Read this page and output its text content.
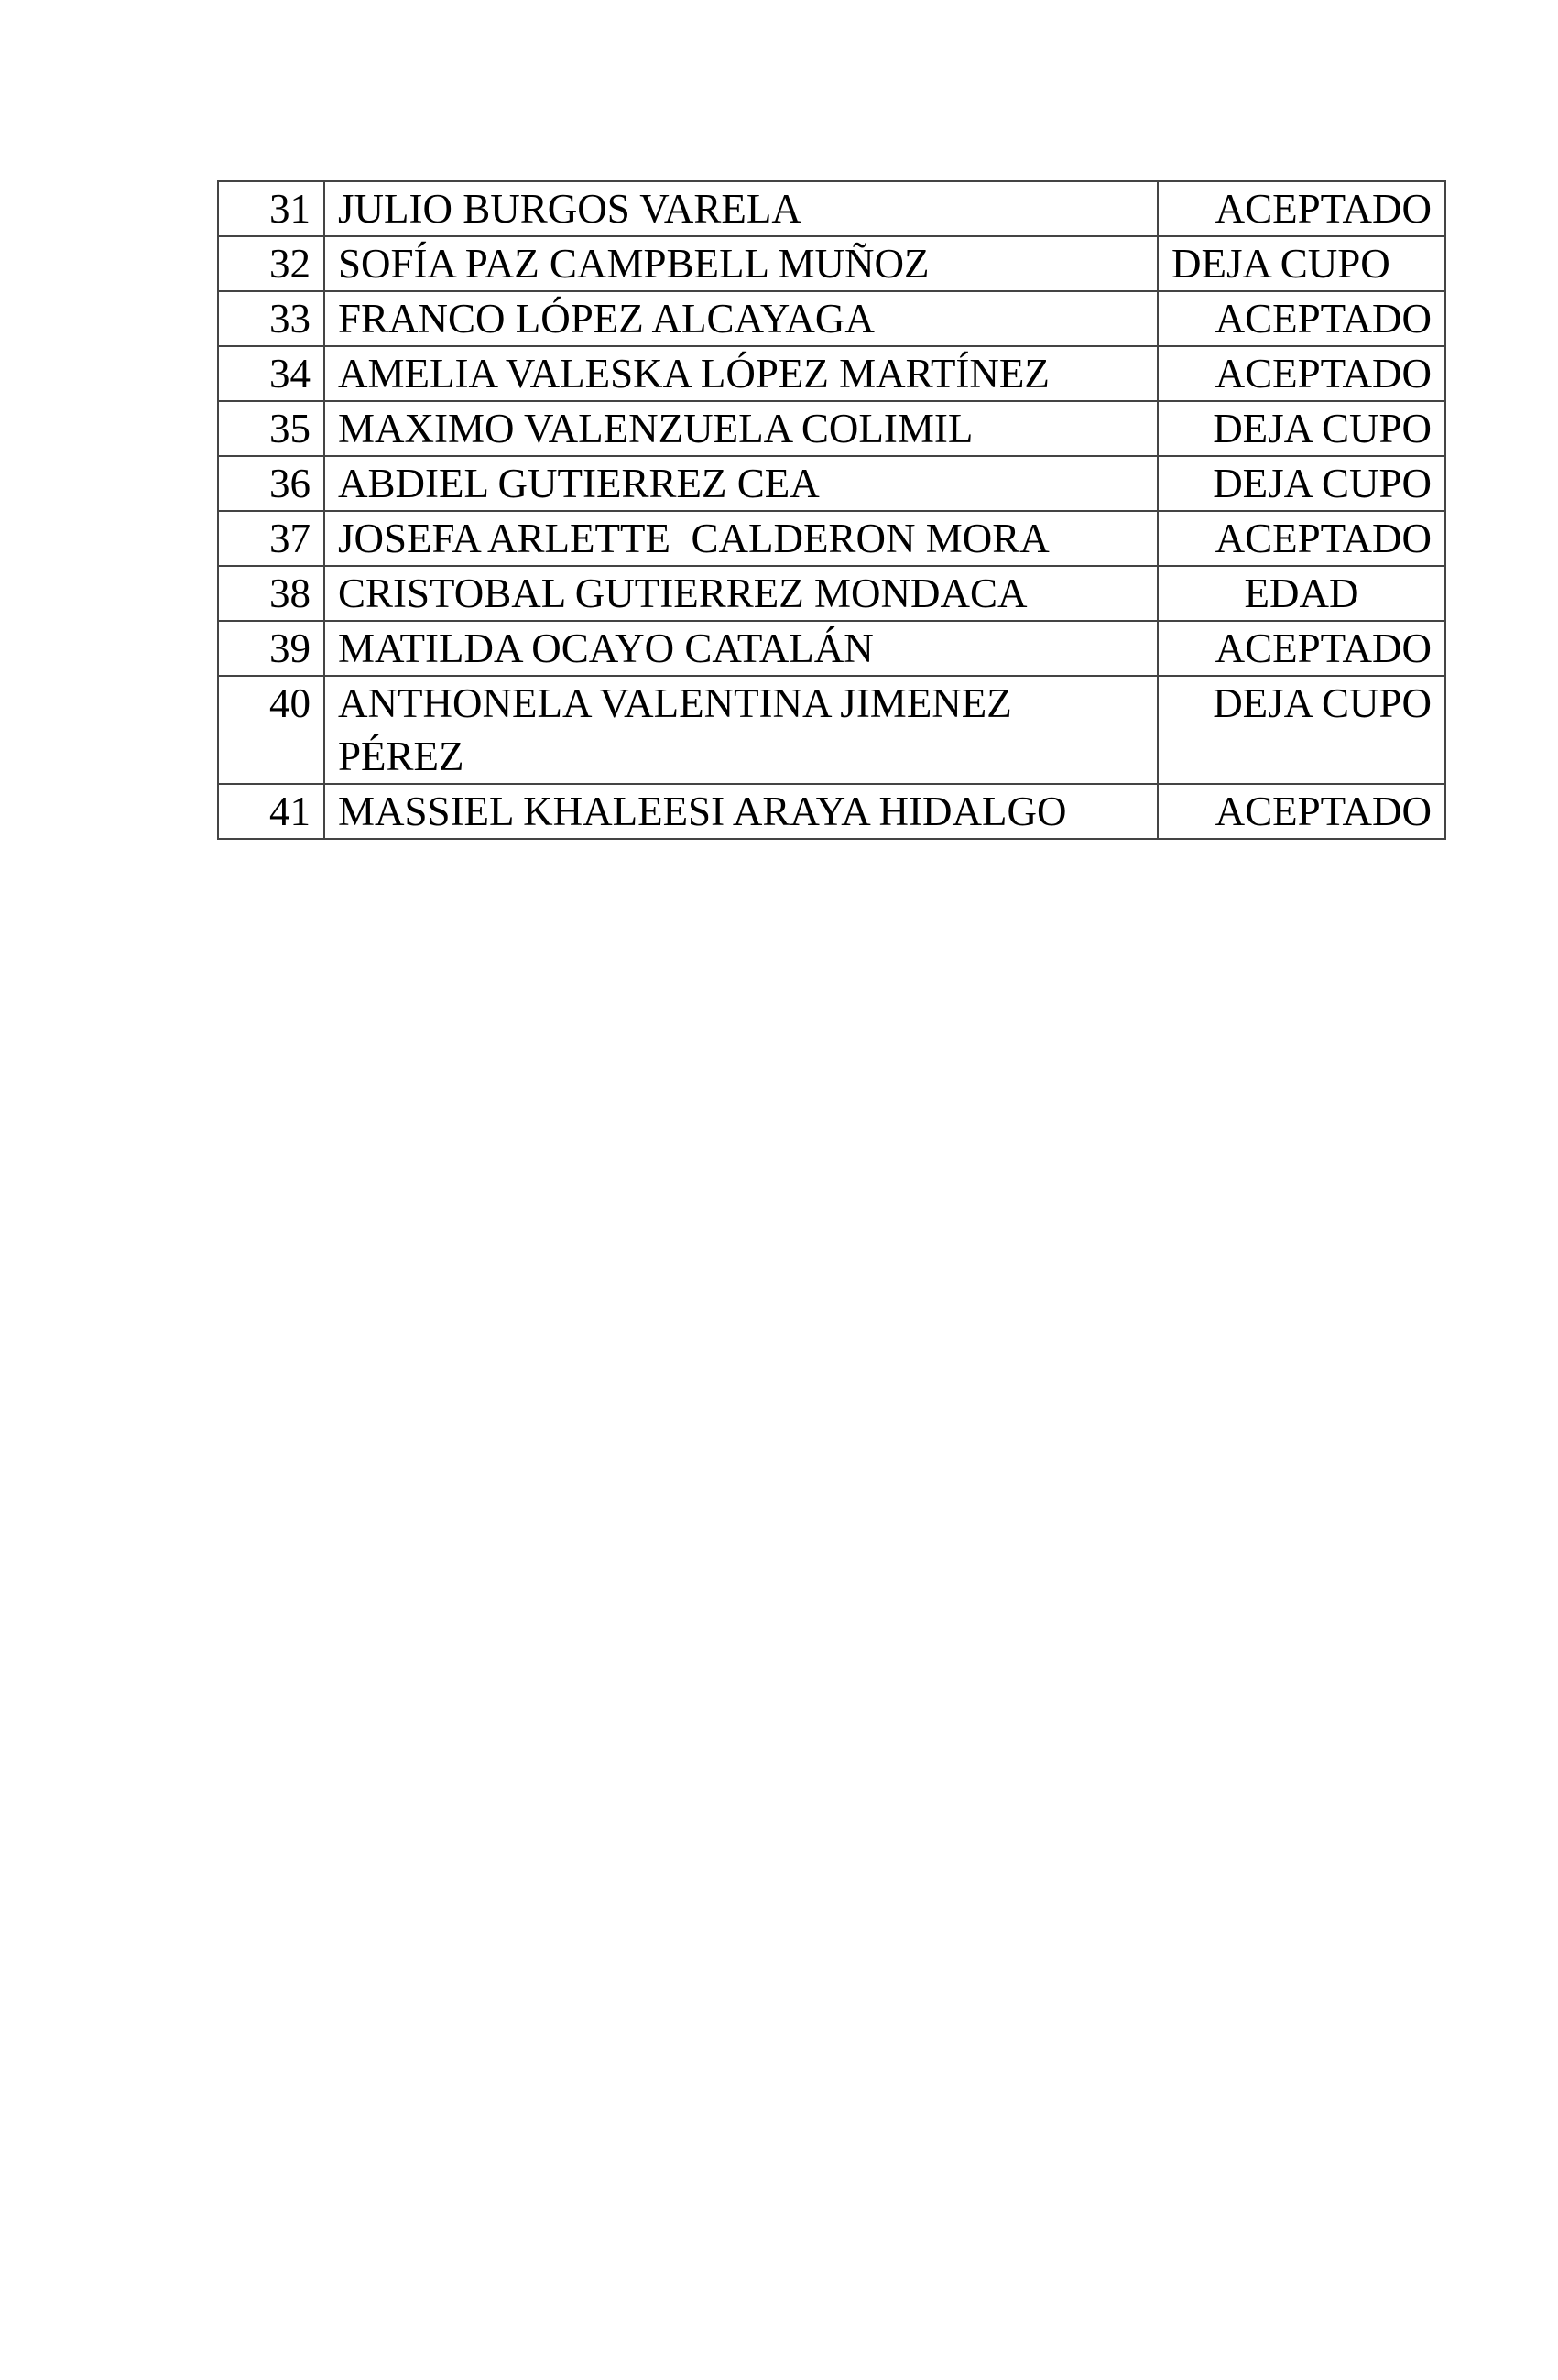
31	JULIO BURGOS VARELA	ACEPTADO
32	SOFÍA PAZ CAMPBELL MUÑOZ	DEJA CUPO
33	FRANCO LÓPEZ ALCAYAGA	ACEPTADO
34	AMELIA VALESKA LÓPEZ MARTÍNEZ	ACEPTADO
35	MAXIMO VALENZUELA COLIMIL	DEJA CUPO
36	ABDIEL GUTIERREZ CEA	DEJA CUPO
37	JOSEFA ARLETTE  CALDERON MORA	ACEPTADO
38	CRISTOBAL GUTIERREZ MONDACA	EDAD
39	MATILDA OCAYO CATALÁN	ACEPTADO
40	ANTHONELA VALENTINA JIMENEZ PÉREZ	DEJA CUPO
41	MASSIEL KHALEESI ARAYA HIDALGO	ACEPTADO
